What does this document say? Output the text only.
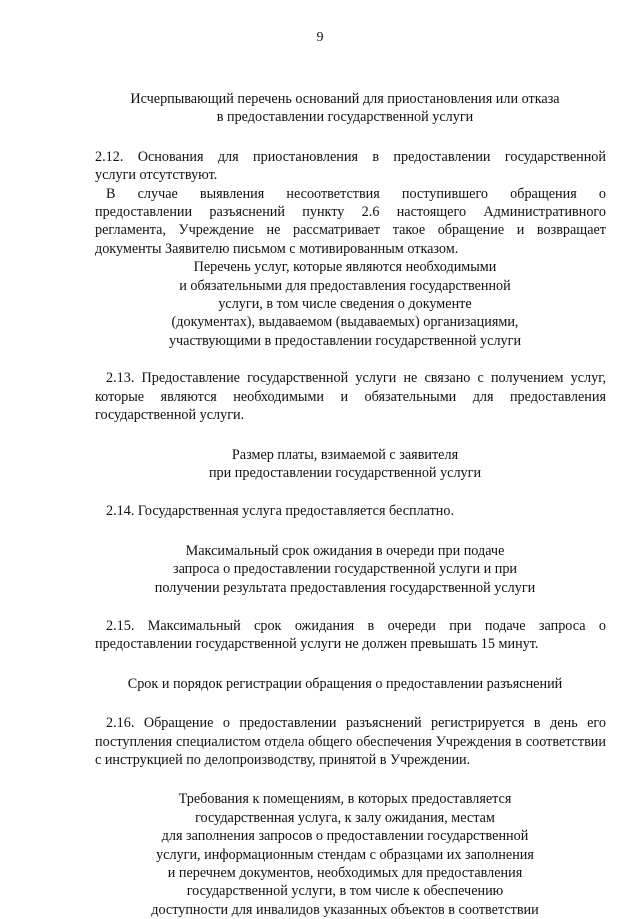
9
Исчерпывающий перечень оснований для приостановления или отказа
в предоставлении государственной услуги
2.12. Основания для приостановления в предоставлении государственной
услуги отсутствуют.
В случае выявления несоответствия поступившего обращения о
предоставлении разъяснений пункту 2.6 настоящего Административного
регламента, Учреждение не рассматривает такое обращение и возвращает
документы Заявителю письмом с мотивированным отказом.
Перечень услуг, которые являются необходимыми
и обязательными для предоставления государственной
услуги, в том числе сведения о документе
(документах), выдаваемом (выдаваемых) организациями,
участвующими в предоставлении государственной услуги
2.13. Предоставление государственной услуги не связано с получением услуг,
которые являются необходимыми и обязательными для предоставления
государственной услуги.
Размер платы, взимаемой с заявителя
при предоставлении государственной услуги
2.14. Государственная услуга предоставляется бесплатно.
Максимальный срок ожидания в очереди при подаче
запроса о предоставлении государственной услуги и при
получении результата предоставления государственной услуги
2.15. Максимальный срок ожидания в очереди при подаче запроса о
предоставлении государственной услуги не должен превышать 15 минут.
Срок и порядок регистрации обращения о предоставлении разъяснений
2.16. Обращение о предоставлении разъяснений регистрируется в день его
поступления специалистом отдела общего обеспечения Учреждения в соответствии
с инструкцией по делопроизводству, принятой в Учреждении.
Требования к помещениям, в которых предоставляется
государственная услуга, к залу ожидания, местам
для заполнения запросов о предоставлении государственной
услуги, информационным стендам с образцами их заполнения
и перечнем документов, необходимых для предоставления
государственной услуги, в том числе к обеспечению
доступности для инвалидов указанных объектов в соответствии
